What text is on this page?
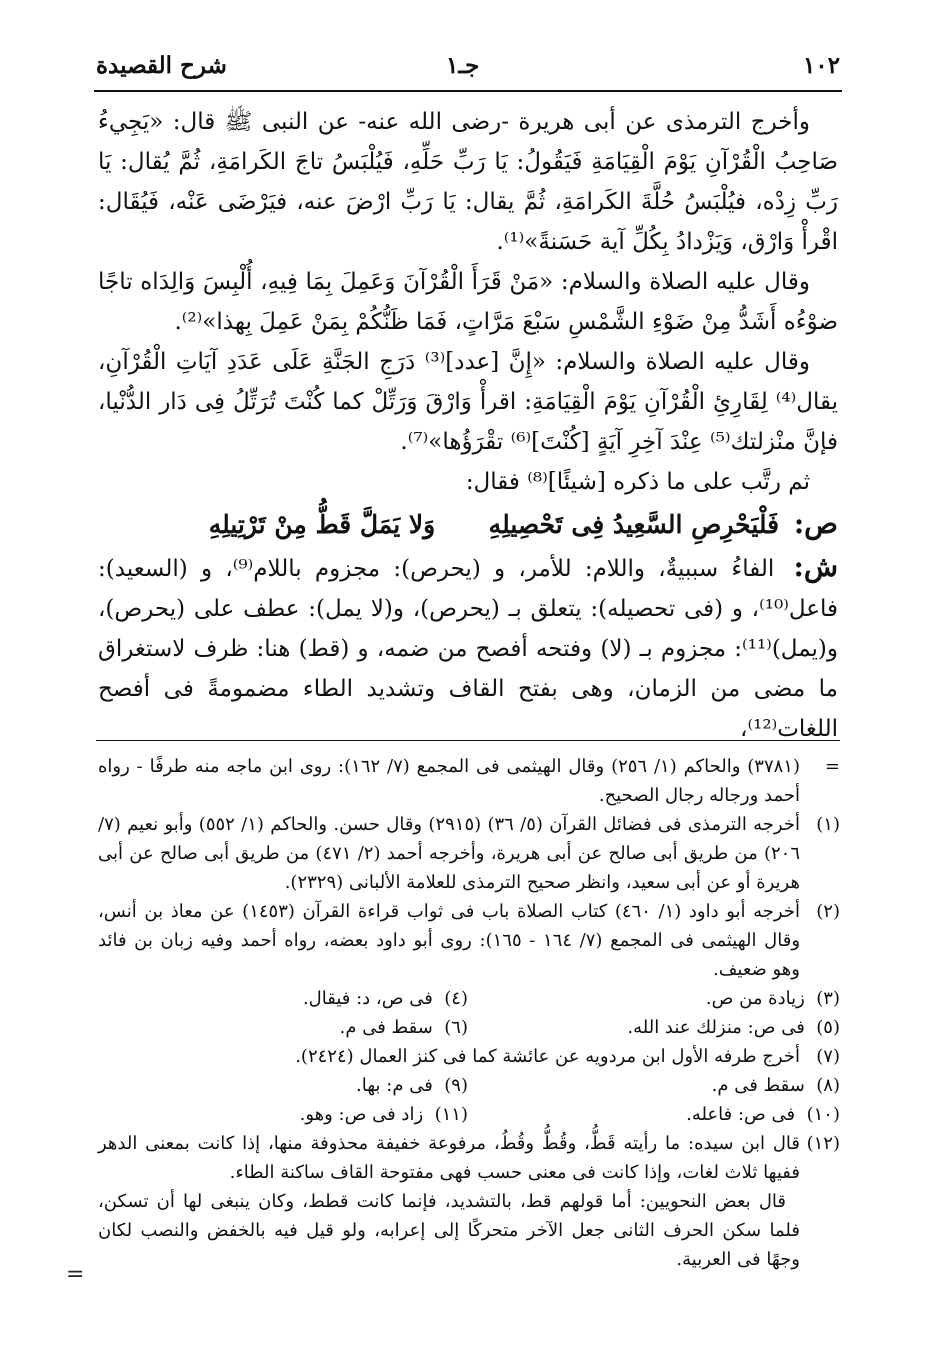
١٠٢
جـ١
شرح القصيدة

وأخرج الترمذى عن أبى هريرة -رضى الله عنه- عن النبى ﷺ قال: «يَجِيءُ صَاحِبُ الْقُرْآنِ يَوْمَ الْقِيَامَةِ فَيَقُولُ: يَا رَبِّ حَلِّهِ، فَيُلْبَسُ تاجَ الكَرامَةِ، ثُمَّ يُقال: يَا رَبِّ زِدْه، فيُلْبَسُ حُلَّةَ الكَرامَةِ، ثُمَّ يقال: يَا رَبِّ ارْضَ عنه، فيَرْضَى عَنْه، فَيُقَال: اقْرأْ وَارْق، وَيَزْدادُ بِكُلِّ آية حَسَنةً»⁽¹⁾.

وقال عليه الصلاة والسلام: «مَنْ قَرَأَ الْقُرْآنَ وَعَمِلَ بِمَا فِيهِ، أُلْبِسَ وَالِدَاه تاجًا ضوْءُه أَشَدُّ مِنْ ضَوْءِ الشَّمْسِ سَبْعَ مَرَّاتٍ، فَمَا ظَنُّكُمْ بِمَنْ عَمِلَ بِهذا»⁽²⁾.

وقال عليه الصلاة والسلام: «إِنَّ [عدد]⁽³⁾ دَرَجِ الجَنَّةِ عَلَى عَدَدِ آيَاتِ الْقُرْآنِ، يقال⁽⁴⁾ لِقَارِئِ الْقُرْآنِ يَوْمَ الْقِيَامَةِ: اقرأْ وَارْقَ وَرَتِّلْ كما كُنْتَ تُرَتِّلُ فِى دَار الدُّنْيا، فإنَّ منْزلتك⁽⁵⁾ عِنْدَ آخِرِ آيَةٍ [كُنْتَ]⁽⁶⁾ تقْرَؤُها»⁽⁷⁾.

ثم رتَّب على ما ذكره [شيئًا]⁽⁸⁾ فقال:

ص: فَلْيَحْرِصِ السَّعِيدُ فِى تَحْصِيلِهِ  وَلا يَمَلَّ قَطُّ مِنْ تَرْتِيلِهِ

ش: الفاءُ سببيةٌ، واللام: للأمر، و (يحرص): مجزوم باللام⁽⁹⁾، و (السعيد): فاعل⁽¹⁰⁾، و (فى تحصيله): يتعلق بـ (يحرص)، و(لا يمل): عطف على (يحرص)، و(يمل)⁽¹¹⁾: مجزوم بـ (لا) وفتحه أفصح من ضمه، و (قط) هنا: ظرف لاستغراق ما مضى من الزمان، وهى بفتح القاف وتشديد الطاء مضمومةً فى أفصح اللغات⁽¹²⁾،

=
(٣٧٨١) والحاكم (١/ ٢٥٦) وقال الهيثمى فى المجمع (٧/ ١٦٢): روى ابن ماجه منه طرفًا - رواه أحمد ورجاله رجال الصحيح.

(١)
أخرجه الترمذى فى فضائل القرآن (٥/ ٣٦) (٢٩١٥) وقال حسن. والحاكم (١/ ٥٥٢) وأبو نعيم (٧/ ٢٠٦) من طريق أبى صالح عن أبى هريرة، وأخرجه أحمد (٢/ ٤٧١) من طريق أبى صالح عن أبى هريرة أو عن أبى سعيد، وانظر صحيح الترمذى للعلامة الألبانى (٢٣٢٩).

(٢)
أخرجه أبو داود (١/ ٤٦٠) كتاب الصلاة باب فى ثواب قراءة القرآن (١٤٥٣) عن معاذ بن أنس، وقال الهيثمى فى المجمع (٧/ ١٦٤ - ١٦٥): روى أبو داود بعضه، رواه أحمد وفيه زبان بن فائد وهو ضعيف.

(٣)  زيادة من ص.
(٤)  فى ص، د: فيقال.
(٥)  فى ص: منزلك عند الله.
(٦)  سقط فى م.

(٧)
أخرج طرفه الأول ابن مردويه عن عائشة كما فى كنز العمال (٢٤٢٤).

(٨)  سقط فى م.
(٩)  فى م: بها.
(١٠)  فى ص: فاعله.
(١١)  زاد فى ص: وهو.

(١٢)
قال ابن سيده: ما رأيته قَطُّ، وقُطُّ وقُطُ، مرفوعة خفيفة محذوفة منها، إذا كانت بمعنى الدهر ففيها ثلاث لغات، وإذا كانت فى معنى حسب فهى مفتوحة القاف ساكنة الطاء.

قال بعض النحويين: أما قولهم قط، بالتشديد، فإنما كانت قطط، وكان ينبغى لها أن تسكن، فلما سكن الحرف الثانى جعل الآخر متحركًا إلى إعرابه، ولو قيل فيه بالخفض والنصب لكان وجهًا فى العربية.

=
